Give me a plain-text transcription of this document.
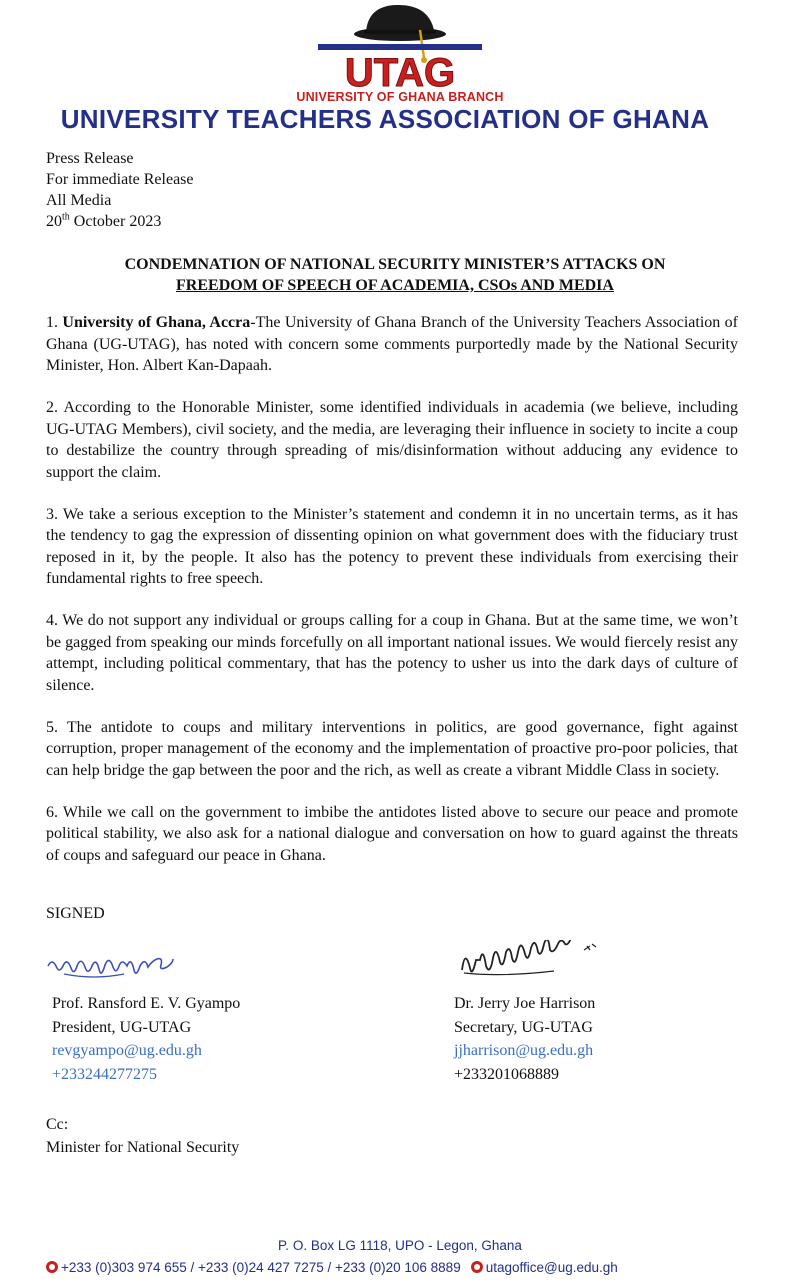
UTAG
UNIVERSITY OF GHANA BRANCH
UNIVERSITY TEACHERS ASSOCIATION OF GHANA
Press Release
For immediate Release
All Media
20th October 2023
CONDEMNATION OF NATIONAL SECURITY MINISTER’S ATTACKS ON
FREEDOM OF SPEECH OF ACADEMIA, CSOs AND MEDIA

1. University of Ghana, Accra-The University of Ghana Branch of the University Teachers Association of Ghana (UG-UTAG), has noted with concern some comments purportedly made by the National Security Minister, Hon. Albert Kan-Dapaah.

2. According to the Honorable Minister, some identified individuals in academia (we believe, including UG-UTAG Members), civil society, and the media, are leveraging their influence in society to incite a coup to destabilize the country through spreading of mis/disinformation without adducing any evidence to support the claim.

3. We take a serious exception to the Minister’s statement and condemn it in no uncertain terms, as it has the tendency to gag the expression of dissenting opinion on what government does with the fiduciary trust reposed in it, by the people. It also has the potency to prevent these individuals from exercising their fundamental rights to free speech.

4. We do not support any individual or groups calling for a coup in Ghana. But at the same time, we won’t be gagged from speaking our minds forcefully on all important national issues. We would fiercely resist any attempt, including political commentary, that has the potency to usher us into the dark days of culture of silence.

5. The antidote to coups and military interventions in politics, are good governance, fight against corruption, proper management of the economy and the implementation of proactive pro-poor policies, that can help bridge the gap between the poor and the rich, as well as create a vibrant Middle Class in society.

6. While we call on the government to imbibe the antidotes listed above to secure our peace and promote political stability, we also ask for a national dialogue and conversation on how to guard against the threats of coups and safeguard our peace in Ghana.

SIGNED
Prof. Ransford E. V. Gyampo
President, UG-UTAG
revgyampo@ug.edu.gh
+233244277275
Dr. Jerry Joe Harrison
Secretary, UG-UTAG
jjharrison@ug.edu.gh
+233201068889
Cc:
Minister for National Security
P. O. Box LG 1118, UPO - Legon, Ghana
+233 (0)303 974 655 / +233 (0)24 427 7275 / +233 (0)20 106 8889 utagoffice@ug.edu.gh
